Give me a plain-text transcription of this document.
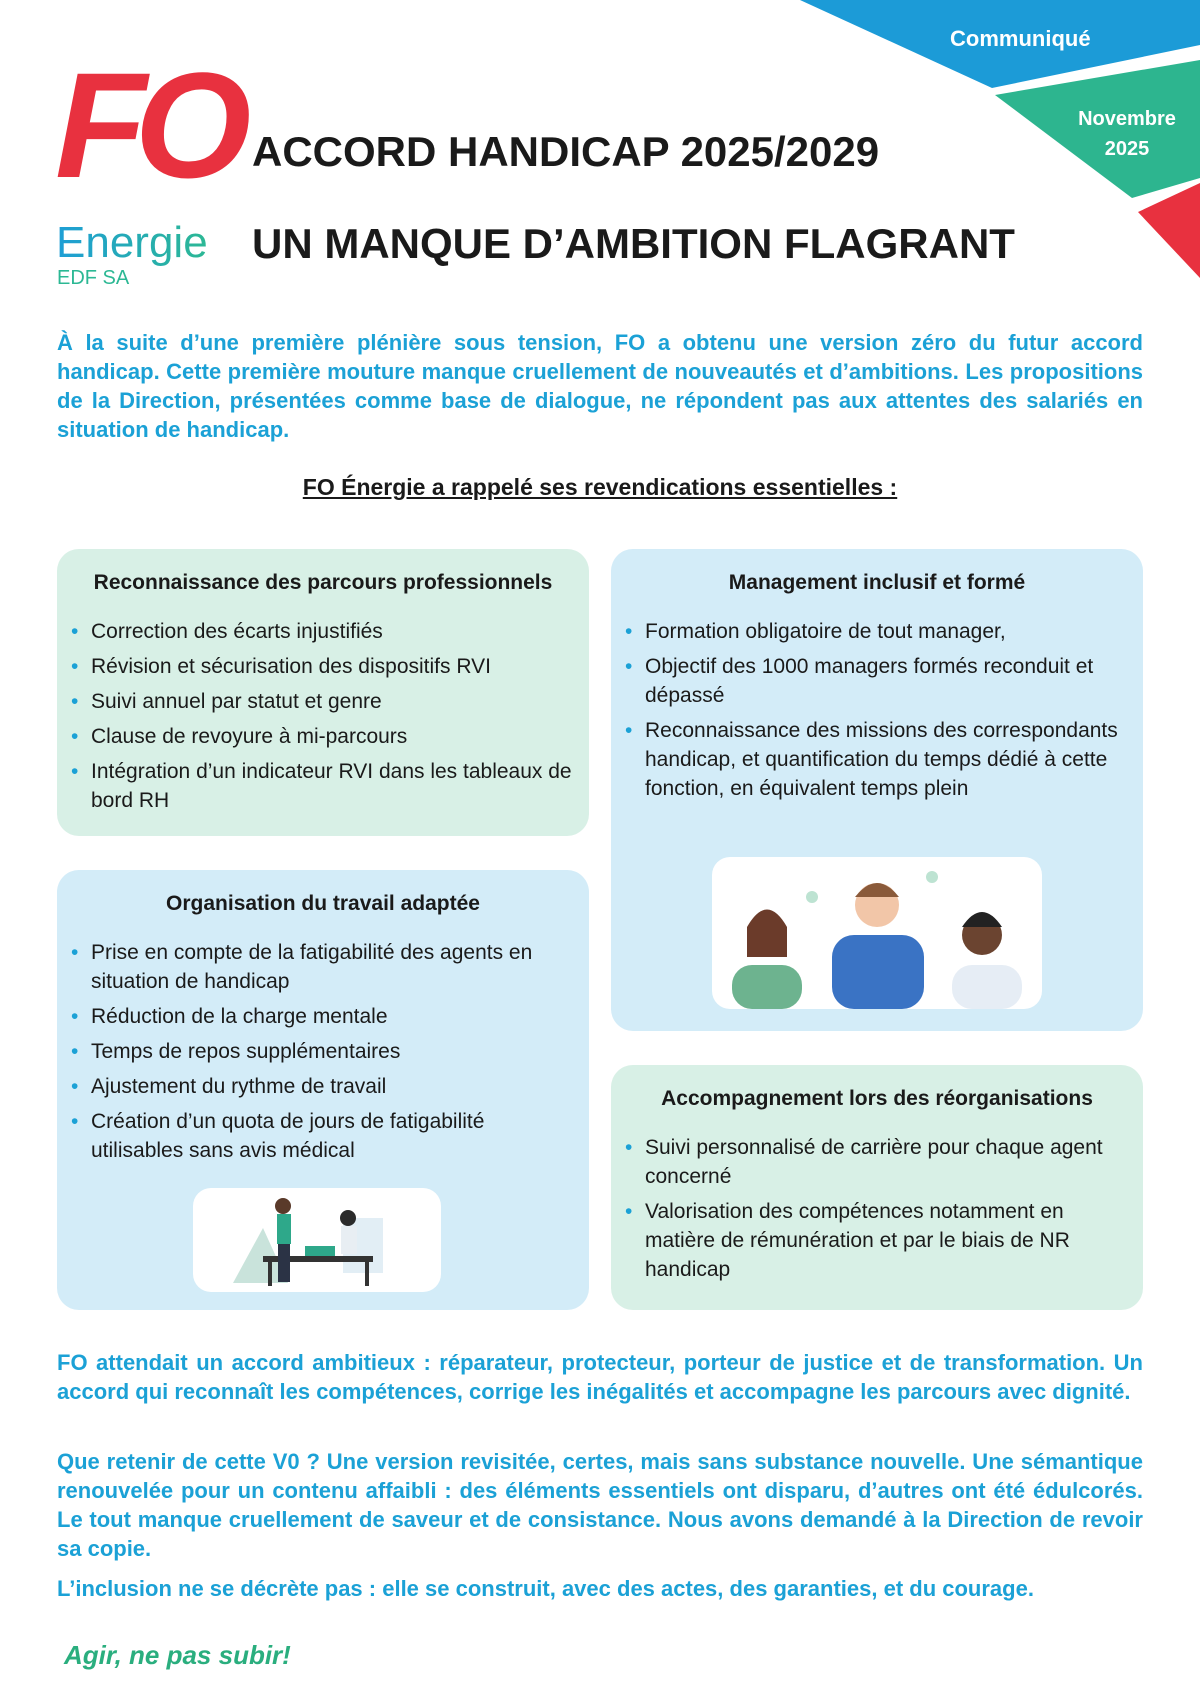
Communiqué
Novembre
2025
FO
Energie
EDF SA
ACCORD HANDICAP 2025/2029
UN MANQUE D’AMBITION FLAGRANT

À la suite d’une première plénière sous tension, FO a obtenu une version zéro du futur accord handicap. Cette première mouture manque cruellement de nouveautés et d’ambitions. Les propositions de la Direction, présentées comme base de dialogue, ne répondent pas aux attentes des salariés en situation de handicap.

FO Énergie a rappelé ses revendications essentielles :
Reconnaissance des parcours professionnels
• Correction des écarts injustifiés
• Révision et sécurisation des dispositifs RVI
• Suivi annuel par statut et genre
• Clause de revoyure à mi-parcours
• Intégration d’un indicateur RVI dans les tableaux de bord RH
Management inclusif et formé
• Formation obligatoire de tout manager,
• Objectif des 1000 managers formés reconduit et dépassé
• Reconnaissance des missions des correspondants handicap, et quantification du temps dédié à cette fonction, en équivalent temps plein
Organisation du travail adaptée
• Prise en compte de la fatigabilité des agents en situation de handicap
• Réduction de la charge mentale
• Temps de repos supplémentaires
• Ajustement du rythme de travail
• Création d’un quota de jours de fatigabilité utilisables sans avis médical
Accompagnement lors des réorganisations
• Suivi personnalisé de carrière pour chaque agent concerné
• Valorisation des compétences notamment en matière de rémunération et par le biais de NR handicap

FO attendait un accord ambitieux : réparateur, protecteur, porteur de justice et de transformation. Un accord qui reconnaît les compétences, corrige les inégalités et accompagne les parcours avec dignité.

Que retenir de cette V0 ? Une version revisitée, certes, mais sans substance nouvelle. Une sémantique renouvelée pour un contenu affaibli : des éléments essentiels ont disparu, d’autres ont été édulcorés. Le tout manque cruellement de saveur et de consistance. Nous avons demandé à la Direction de revoir sa copie.

L’inclusion ne se décrète pas : elle se construit, avec des actes, des garanties, et du courage.

Agir, ne pas subir!
